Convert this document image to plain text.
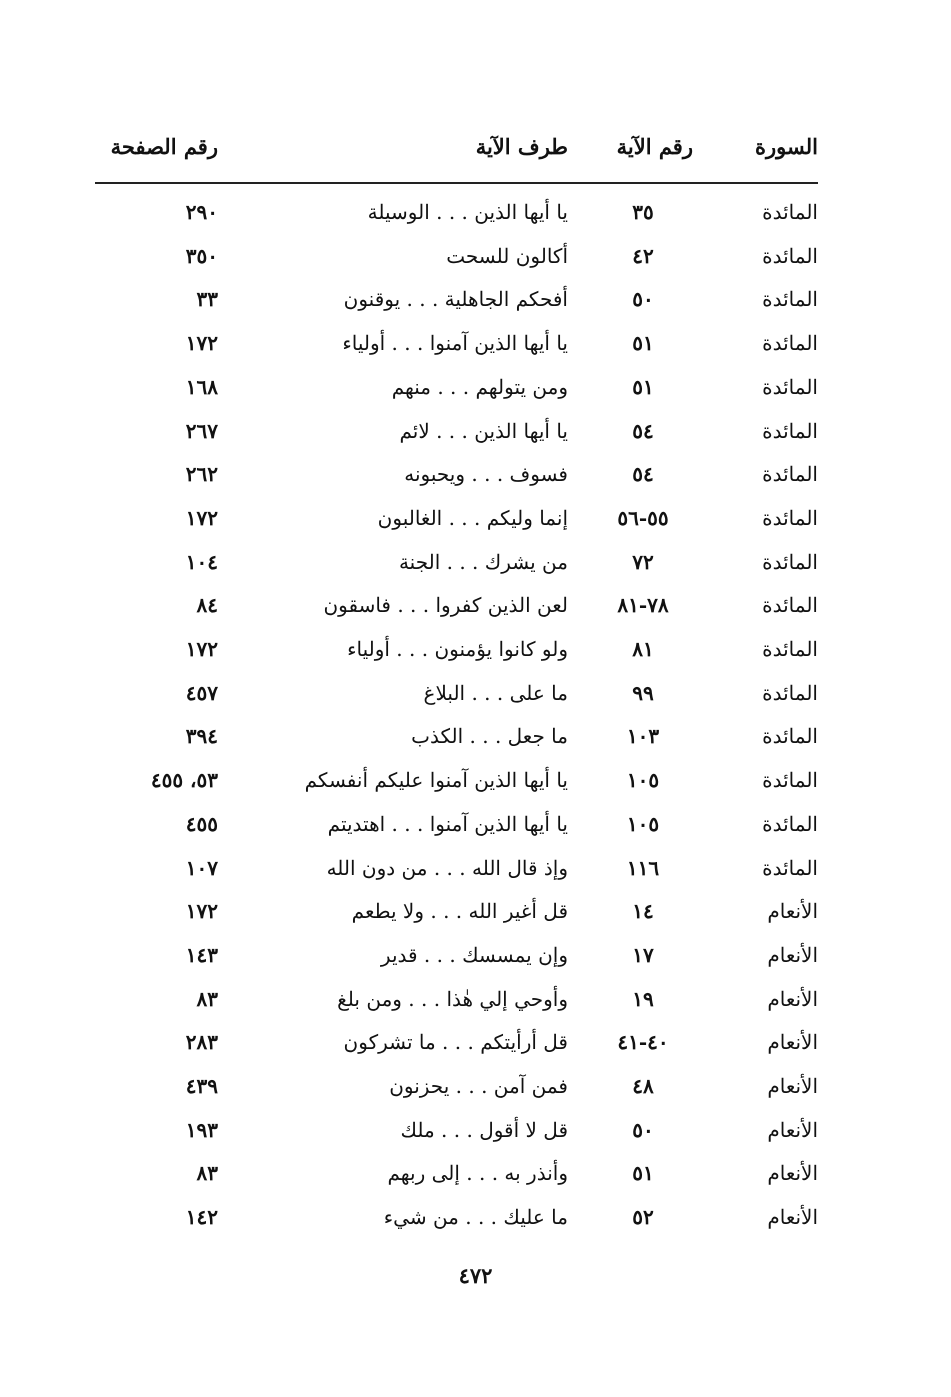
السورة
رقم الآية
طرف الآية
رقم الصفحة
المائدة
٣٥
يا أيها الذين . . . الوسيلة
٢٩٠
المائدة
٤٢
أكالون للسحت
٣٥٠
المائدة
٥٠
أفحكم الجاهلية . . . يوقنون
٣٣
المائدة
٥١
يا أيها الذين آمنوا . . . أولياء
١٧٢
المائدة
٥١
ومن يتولهم . . . منهم
١٦٨
المائدة
٥٤
يا أيها الذين . . . لائم
٢٦٧
المائدة
٥٤
فسوف . . . ويحبونه
٢٦٢
المائدة
٥٥-٥٦
إنما وليكم . . . الغالبون
١٧٢
المائدة
٧٢
من يشرك . . . الجنة
١٠٤
المائدة
٧٨-٨١
لعن الذين كفروا . . . فاسقون
٨٤
المائدة
٨١
ولو كانوا يؤمنون . . . أولياء
١٧٢
المائدة
٩٩
ما على . . . البلاغ
٤٥٧
المائدة
١٠٣
ما جعل . . . الكذب
٣٩٤
المائدة
١٠٥
يا أيها الذين آمنوا عليكم أنفسكم
٥٣، ٤٥٥
المائدة
١٠٥
يا أيها الذين آمنوا . . . اهتديتم
٤٥٥
المائدة
١١٦
وإذ قال الله . . . من دون الله
١٠٧
الأنعام
١٤
قل أغير الله . . . ولا يطعم
١٧٢
الأنعام
١٧
وإن يمسسك . . . قدير
١٤٣
الأنعام
١٩
وأوحي إلي هٰذا . . . ومن بلغ
٨٣
الأنعام
٤٠-٤١
قل أرأيتكم . . . ما تشركون
٢٨٣
الأنعام
٤٨
فمن آمن . . . يحزنون
٤٣٩
الأنعام
٥٠
قل لا أقول . . . ملك
١٩٣
الأنعام
٥١
وأنذر به . . . إلى ربهم
٨٣
الأنعام
٥٢
ما عليك . . . من شيء
١٤٢
٤٧٢
